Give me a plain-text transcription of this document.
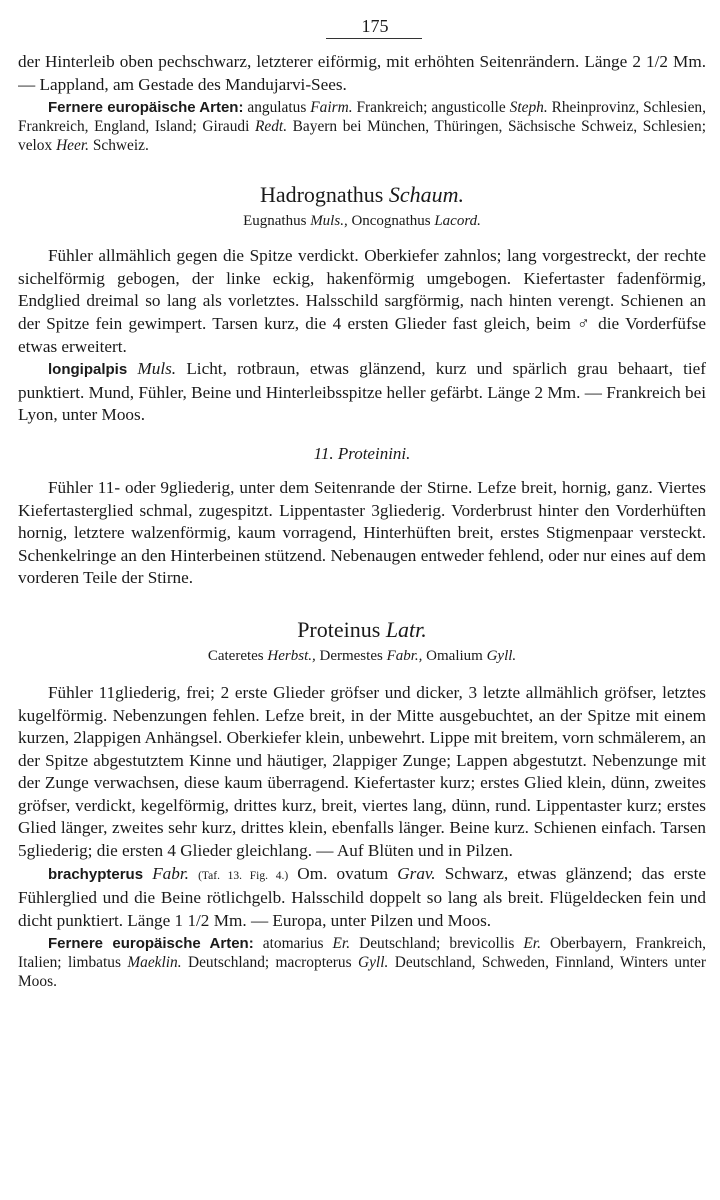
175

der Hinterleib oben pechschwarz, letzterer eiförmig, mit erhöhten Seitenrändern. Länge 2 1/2 Mm. — Lappland, am Gestade des Mandujarvi-Sees.

Fernere europäische Arten: angulatus Fairm. Frankreich; angusticolle Steph. Rheinprovinz, Schlesien, Frankreich, England, Island; Giraudi Redt. Bayern bei München, Thüringen, Sächsische Schweiz, Schlesien; velox Heer. Schweiz.

Hadrognathus Schaum.
Eugnathus Muls., Oncognathus Lacord.

Fühler allmählich gegen die Spitze verdickt. Oberkiefer zahnlos; lang vorgestreckt, der rechte sichelförmig gebogen, der linke eckig, hakenförmig umgebogen. Kiefertaster fadenförmig, Endglied dreimal so lang als vorletztes. Halsschild sargförmig, nach hinten verengt. Schienen an der Spitze fein gewimpert. Tarsen kurz, die 4 ersten Glieder fast gleich, beim ♂ die Vorderfüfse etwas erweitert.

longipalpis Muls. Licht, rotbraun, etwas glänzend, kurz und spärlich grau behaart, tief punktiert. Mund, Fühler, Beine und Hinterleibsspitze heller gefärbt. Länge 2 Mm. — Frankreich bei Lyon, unter Moos.

11. Proteinini.

Fühler 11- oder 9gliederig, unter dem Seitenrande der Stirne. Lefze breit, hornig, ganz. Viertes Kiefertasterglied schmal, zugespitzt. Lippentaster 3gliederig. Vorderbrust hinter den Vorderhüften hornig, letztere walzenförmig, kaum vorragend, Hinterhüften breit, erstes Stigmenpaar versteckt. Schenkelringe an den Hinterbeinen stützend. Nebenaugen entweder fehlend, oder nur eines auf dem vorderen Teile der Stirne.

Proteinus Latr.
Cateretes Herbst., Dermestes Fabr., Omalium Gyll.

Fühler 11gliederig, frei; 2 erste Glieder gröfser und dicker, 3 letzte allmählich gröfser, letztes kugelförmig. Nebenzungen fehlen. Lefze breit, in der Mitte ausgebuchtet, an der Spitze mit einem kurzen, 2lappigen Anhängsel. Oberkiefer klein, unbewehrt. Lippe mit breitem, vorn schmälerem, an der Spitze abgestutztem Kinne und häutiger, 2lappiger Zunge; Lappen abgestutzt. Nebenzunge mit der Zunge verwachsen, diese kaum überragend. Kiefertaster kurz; erstes Glied klein, dünn, zweites gröfser, verdickt, kegelförmig, drittes kurz, breit, viertes lang, dünn, rund. Lippentaster kurz; erstes Glied länger, zweites sehr kurz, drittes klein, ebenfalls länger. Beine kurz. Schienen einfach. Tarsen 5gliederig; die ersten 4 Glieder gleichlang. — Auf Blüten und in Pilzen.

brachypterus Fabr. (Taf. 13. Fig. 4.) Om. ovatum Grav. Schwarz, etwas glänzend; das erste Fühlerglied und die Beine rötlichgelb. Halsschild doppelt so lang als breit. Flügeldecken fein und dicht punktiert. Länge 1 1/2 Mm. — Europa, unter Pilzen und Moos.

Fernere europäische Arten: atomarius Er. Deutschland; brevicollis Er. Oberbayern, Frankreich, Italien; limbatus Maeklin. Deutschland; macropterus Gyll. Deutschland, Schweden, Finnland, Winters unter Moos.
